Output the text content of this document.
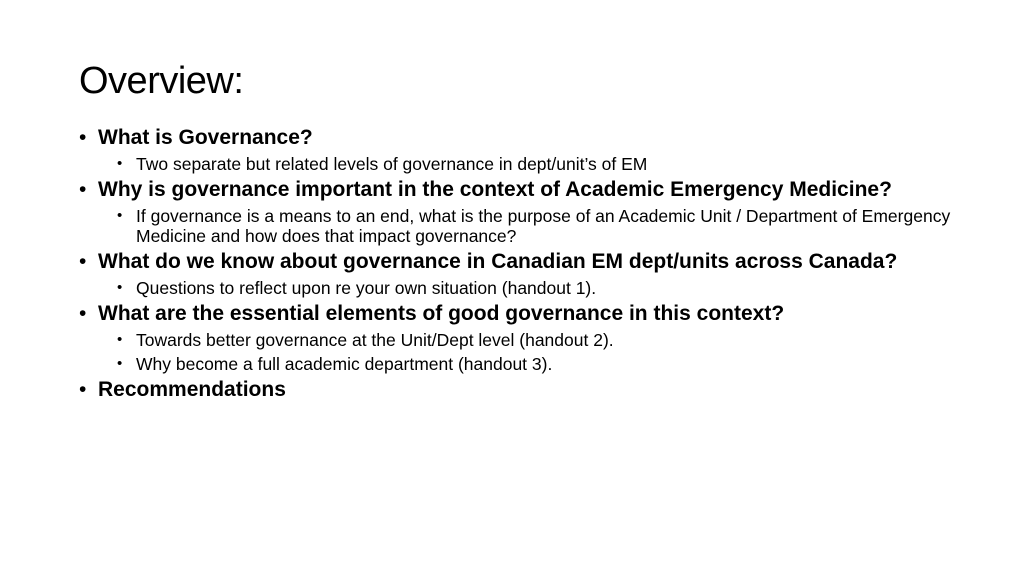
Overview:
• What is Governance?
• Two separate but related levels of governance in dept/unit’s of EM
• Why is governance important in the context of Academic Emergency Medicine?
• If governance is a means to an end, what is the purpose of an Academic Unit / Department of Emergency Medicine and how does that impact governance?
• What do we know about governance in Canadian EM dept/units across Canada?
• Questions to reflect upon re your own situation (handout 1).
• What are the essential elements of good governance in this context?
• Towards better governance at the Unit/Dept level (handout 2).
• Why become a full academic department (handout 3).
• Recommendations
